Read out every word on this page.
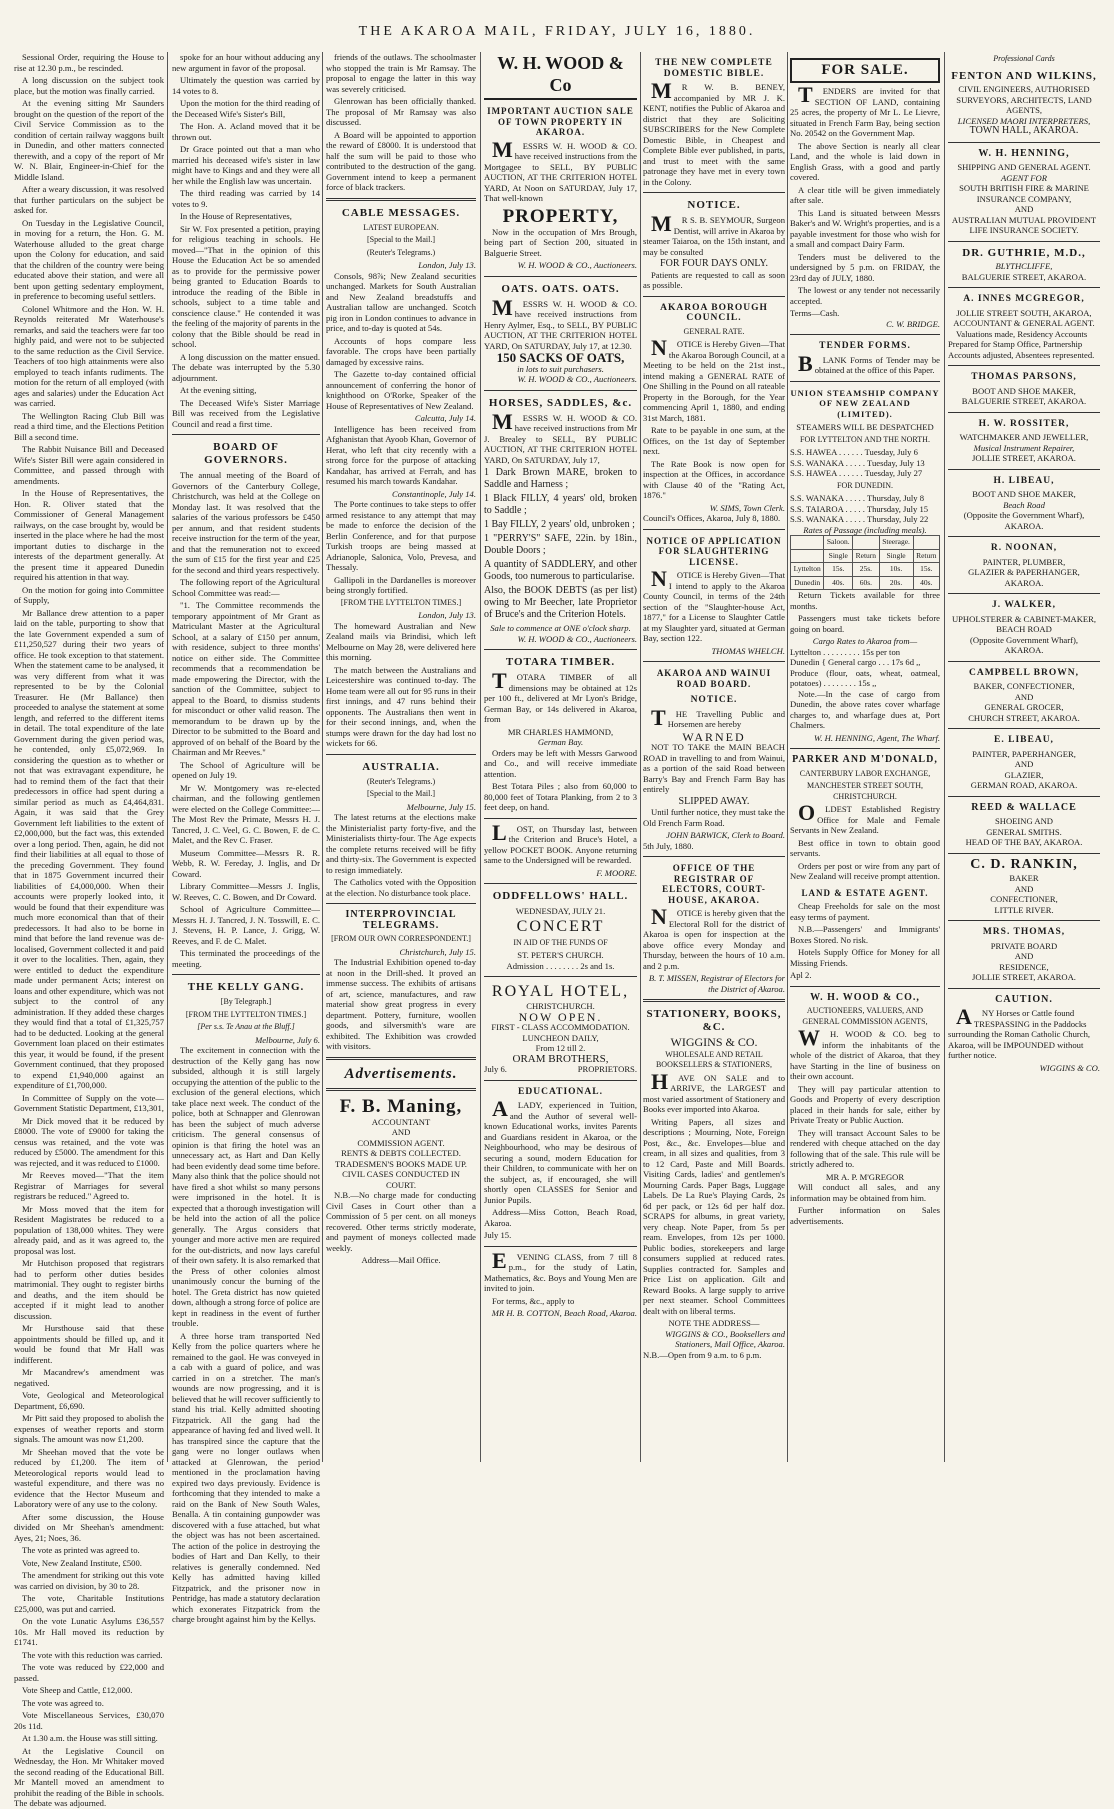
THE AKAROA MAIL, FRIDAY, JULY 16, 1880.

Sessional Order, requiring the House to rise at 12.30 p.m., be rescinded.

A long discussion on the subject took place, but the motion was finally carried.

At the evening sitting Mr Saunders brought on the question of the report of the Civil Service Commission as to the condition of certain railway waggons built in Dunedin, and other matters connected therewith, and a copy of the report of Mr W. N. Blair, Engineer-in-Chief for the Middle Island.

After a weary discussion, it was resolved that further particulars on the subject be asked for.

On Tuesday in the Legislative Council, in moving for a return, the Hon. G. M. Waterhouse alluded to the great charge upon the Colony for education, and said that the children of the country were being educated above their station, and were all bent upon getting sedentary employment, in preference to becoming useful settlers.

Colonel Whitmore and the Hon. W. H. Reynolds reiterated Mr Waterhouse's remarks, and said the teachers were far too highly paid, and were not to be subjected to the same reduction as the Civil Service. Teachers of too high attainments were also employed to teach infants rudiments. The motion for the return of all employed (with ages and salaries) under the Education Act was carried.

The Wellington Racing Club Bill was read a third time, and the Elections Petition Bill a second time.

The Rabbit Nuisance Bill and Deceased Wife's Sister Bill were again considered in Committee, and passed through with amendments.

In the House of Representatives, the Hon. R. Oliver stated that the Commissioner of General Management railways, on the case brought by, would be inserted in the place where he had the most important duties to discharge in the interests of the department generally. At the present time it appeared Dunedin required his attention in that way.

On the motion for going into Committee of Supply,

Mr Ballance drew attention to a paper laid on the table, purporting to show that the late Government expended a sum of £11,250,527 during their two years of office. He took exception to that statement. When the statement came to be analysed, it was very different from what it was represented to be by the Colonial Treasurer. He (Mr Ballance) then proceeded to analyse the statement at some length, and referred to the different items in detail. The total expenditure of the late Government during the given period was, he contended, only £5,072,969. In considering the question as to whether or not that was extravagant expenditure, he had to remind them of the fact that their predecessors in office had spent during a similar period as much as £4,464,831. Again, it was said that the Grey Government left liabilities to the extent of £2,000,000, but the fact was, this extended over a long period. Then, again, he did not find their liabilities at all equal to those of the preceding Government. They found that in 1875 Government incurred their liabilities of £4,000,000. When their accounts were properly looked into, it would be found that their expenditure was much more economical than that of their predecessors. It had also to be borne in mind that before the land revenue was de-localised, Government collected it and paid it over to the localities. Then, again, they were entitled to deduct the expenditure made under permanent Acts; interest on loans and other expenditure, which was not subject to the control of any administration. If they added these charges they would find that a total of £1,325,757 had to be deducted. Looking at the general Government loan placed on their estimates this year, it would be found, if the present Government continued, that they proposed to expend £1,940,000 against an expenditure of £1,700,000.

In Committee of Supply on the vote—Government Statistic Department, £13,301,

Mr Dick moved that it be reduced by £8000. The vote of £9000 for taking the census was retained, and the vote was reduced by £5000. The amendment for this was rejected, and it was reduced to £1000.

Mr Reeves moved—"That the item Registrar of Marriages for several registrars be reduced." Agreed to.

Mr Moss moved that the item for Resident Magistrates be reduced to a population of 138,000 whites. They were already paid, and as it was agreed to, the proposal was lost.

Mr Hutchison proposed that registrars had to perform other duties besides matrimonial. They ought to register births and deaths, and the item should be accepted if it might lead to another discussion.

Mr Hursthouse said that these appointments should be filled up, and it would be found that Mr Hall was indifferent.

Mr Macandrew's amendment was negatived.

Vote, Geological and Meteorological Department, £6,690.

Mr Pitt said they proposed to abolish the expenses of weather reports and storm signals. The amount was now £1,200.

Mr Sheehan moved that the vote be reduced by £1,200. The item of Meteorological reports would lead to wasteful expenditure, and there was no evidence that the Hector Museum and Laboratory were of any use to the colony.

After some discussion, the House divided on Mr Sheehan's amendment: Ayes, 21; Noes, 36.

The vote as printed was agreed to.

Vote, New Zealand Institute, £500.

The amendment for striking out this vote was carried on division, by 30 to 28.

The vote, Charitable Institutions £25,000, was put and carried.

On the vote Lunatic Asylums £36,557 10s. Mr Hall moved its reduction by £1741.

The vote with this reduction was carried.

The vote was reduced by £22,000 and passed.

Vote Sheep and Cattle, £12,000.

The vote was agreed to.

Vote Miscellaneous Services, £30,070 20s 11d.

At 1.30 a.m. the House was still sitting.

At the Legislative Council on Wednesday, the Hon. Mr Whitaker moved the second reading of the Educational Bill. Mr Mantell moved an amendment to prohibit the reading of the Bible in schools. The debate was adjourned.

spoke for an hour without adducing any new argument in favor of the proposal.

Ultimately the question was carried by 14 votes to 8.

Upon the motion for the third reading of the Deceased Wife's Sister's Bill,

The Hon. A. Acland moved that it be thrown out.

Dr Grace pointed out that a man who married his deceased wife's sister in law might have to Kings and and they were all her while the English law was uncertain.

The third reading was carried by 14 votes to 9.

In the House of Representatives,

Sir W. Fox presented a petition, praying for religious teaching in schools. He moved—"That in the opinion of this House the Education Act be so amended as to provide for the permissive power being granted to Education Boards to introduce the reading of the Bible in schools, subject to a time table and conscience clause." He contended it was the feeling of the majority of parents in the colony that the Bible should be read in school.

A long discussion on the matter ensued. The debate was interrupted by the 5.30 adjournment.

At the evening sitting,

The Deceased Wife's Sister Marriage Bill was received from the Legislative Council and read a first time.

BOARD OF GOVERNORS.

The annual meeting of the Board of Governors of the Canterbury College, Christchurch, was held at the College on Monday last. It was resolved that the salaries of the various professors be £450 per annum, and that resident students receive instruction for the term of the year, and that the remuneration not to exceed the sum of £15 for the first year and £25 for the second and third years respectively.

The following report of the Agricultural School Committee was read:—

"1. The Committee recommends the temporary appointment of Mr Grant as Matriculant Master at the Agricultural School, at a salary of £150 per annum, with residence, subject to three months' notice on either side. The Committee recommends that a recommendation be made empowering the Director, with the sanction of the Committee, subject to appeal to the Board, to dismiss students for misconduct or other valid reason. The memorandum to be drawn up by the Director to be submitted to the Board and approved of on behalf of the Board by the Chairman and Mr Reeves."

The School of Agriculture will be opened on July 19.

Mr W. Montgomery was re-elected chairman, and the following gentlemen were elected on the College Committee:—The Most Rev the Primate, Messrs H. J. Tancred, J. C. Veel, G. C. Bowen, F. de C. Malet, and the Rev C. Fraser.

Museum Committee—Messrs R. R. Webb, R. W. Fereday, J. Inglis, and Dr Coward.

Library Committee—Messrs J. Inglis, W. Reeves, C. C. Bowen, and Dr Coward.

School of Agriculture Committee—Messrs H. J. Tancred, J. N. Tosswill, E. C. J. Stevens, H. P. Lance, J. Grigg, W. Reeves, and F. de C. Malet.

This terminated the proceedings of the meeting.

THE KELLY GANG.
[By Telegraph.]
[FROM THE LYTTELTON TIMES.]
[Per s.s. Te Anau at the Bluff.]
Melbourne, July 6.

The excitement in connection with the destruction of the Kelly gang has now subsided, although it is still largely occupying the attention of the public to the exclusion of the general elections, which take place next week. The conduct of the police, both at Schnapper and Glenrowan has been the subject of much adverse criticism. The general consensus of opinion is that firing the hotel was an unnecessary act, as Hart and Dan Kelly had been evidently dead some time before. Many also think that the police should not have fired a shot whilst so many persons were imprisoned in the hotel. It is expected that a thorough investigation will be held into the action of all the police generally. The Argus considers that younger and more active men are required for the out-districts, and now lays careful of their own safety. It is also remarked that the Press of other colonies almost unanimously concur the burning of the hotel. The Greta district has now quieted down, although a strong force of police are kept in readiness in the event of further trouble.

A three horse tram transported Ned Kelly from the police quarters where he remained to the gaol. He was conveyed in a cab with a guard of police, and was carried in on a stretcher. The man's wounds are now progressing, and it is believed that he will recover sufficiently to stand his trial. Kelly admitted shooting Fitzpatrick. All the gang had the appearance of having fed and lived well. It has transpired since the capture that the gang were no longer outlaws when attacked at Glenrowan, the period mentioned in the proclamation having expired two days previously. Evidence is forthcoming that they intended to make a raid on the Bank of New South Wales, Benalla. A tin containing gunpowder was discovered with a fuse attached, but what the object was has not been ascertained. The action of the police in destroying the bodies of Hart and Dan Kelly, to their relatives is generally condemned. Ned Kelly has admitted having killed Fitzpatrick, and the prisoner now in Pentridge, has made a statutory declaration which exonerates Fitzpatrick from the charge brought against him by the Kellys.

friends of the outlaws. The schoolmaster who stopped the train is Mr Ramsay. The proposal to engage the latter in this way was severely criticised.

Glenrowan has been officially thanked. The proposal of Mr Ramsay was also discussed.

A Board will be appointed to apportion the reward of £8000. It is understood that half the sum will be paid to those who contributed to the destruction of the gang. Government intend to keep a permanent force of black trackers.

CABLE MESSAGES.
LATEST EUROPEAN.
[Special to the Mail.]
(Reuter's Telegrams.)
London, July 13.

Consols, 98⅞; New Zealand securities unchanged. Markets for South Australian and New Zealand breadstuffs and Australian tallow are unchanged. Scotch pig iron in London continues to advance in price, and to-day is quoted at 54s.

Accounts of hops compare less favorable. The crops have been partially damaged by excessive rains.

The Gazette to-day contained official announcement of conferring the honor of knighthood on O'Rorke, Speaker of the House of Representatives of New Zealand.

Calcutta, July 14.

Intelligence has been received from Afghanistan that Ayoob Khan, Governor of Herat, who left that city recently with a strong force for the purpose of attacking Kandahar, has arrived at Ferrah, and has resumed his march towards Kandahar.

Constantinople, July 14.

The Porte continues to take steps to offer armed resistance to any attempt that may be made to enforce the decision of the Berlin Conference, and for that purpose Turkish troops are being massed at Adrianople, Salonica, Volo, Prevesa, and Thessaly.

Gallipoli in the Dardanelles is moreover being strongly fortified.

[FROM THE LYTTELTON TIMES.]
London, July 13.

The homeward Australian and New Zealand mails via Brindisi, which left Melbourne on May 28, were delivered here this morning.

The match between the Australians and Leicestershire was continued to-day. The Home team were all out for 95 runs in their first innings, and 47 runs behind their opponents. The Australians then went in for their second innings, and, when the stumps were drawn for the day had lost no wickets for 66.

AUSTRALIA.
(Reuter's Telegrams.)
[Special to the Mail.]
Melbourne, July 15.

The latest returns at the elections make the Ministerialist party forty-five, and the Ministerialists thirty-four. The Age expects the complete returns received will be fifty and thirty-six. The Government is expected to resign immediately.

The Catholics voted with the Opposition at the election. No disturbance took place.

INTERPROVINCIAL TELEGRAMS.
[FROM OUR OWN CORRESPONDENT.]
Christchurch, July 15.

The Industrial Exhibition opened to-day at noon in the Drill-shed. It proved an immense success. The exhibits of artisans of art, science, manufactures, and raw material show great progress in every department. Pottery, furniture, woollen goods, and silversmith's ware are exhibited. The Exhibition was crowded with visitors.

Advertisements.
F. B. Maning,
ACCOUNTANT
AND
COMMISSION AGENT.
RENTS & DEBTS COLLECTED.
TRADESMEN'S BOOKS MADE UP.
CIVIL CASES CONDUCTED IN COURT.

N.B.—No charge made for conducting Civil Cases in Court other than a Commission of 5 per cent. on all moneys recovered. Other terms strictly moderate, and payment of moneys collected made weekly.

Address—Mail Office.
W. H. WOOD & Co
IMPORTANT AUCTION SALE OF TOWN PROPERTY IN AKAROA.

MESSRS W. H. WOOD & CO. have received instructions from the Mortgagee to SELL, BY PUBLIC AUCTION, AT THE CRITERION HOTEL YARD, At Noon on SATURDAY, July 17, That well-known

PROPERTY,

Now in the occupation of Mrs Brough, being part of Section 200, situated in Balguerie Street.

W. H. WOOD & CO., Auctioneers.
OATS. OATS. OATS.

MESSRS W. H. WOOD & CO. have received instructions from Henry Aylmer, Esq., to SELL, BY PUBLIC AUCTION, AT THE CRITERION HOTEL YARD, On SATURDAY, July 17, at 12.30.

150 SACKS OF OATS,
in lots to suit purchasers.
W. H. WOOD & CO., Auctioneers.
HORSES, SADDLES, &c.

MESSRS W. H. WOOD & CO. have received instructions from Mr J. Brealey to SELL, BY PUBLIC AUCTION, AT THE CRITERION HOTEL YARD, On SATURDAY, July 17,

1 Dark Brown MARE, broken to Saddle and Harness ;

1 Black FILLY, 4 years' old, broken to Saddle ;

1 Bay FILLY, 2 years' old, unbroken ;

1 "PERRY'S" SAFE, 22in. by 18in., Double Doors ;

A quantity of SADDLERY, and other Goods, too numerous to particularise.

Also, the BOOK DEBTS (as per list) owing to Mr Beecher, late Proprietor of Bruce's and the Criterion Hotels.

Sale to commence at ONE o'clock sharp.
W. H. WOOD & CO., Auctioneers.
TOTARA TIMBER.

TOTARA TIMBER of all dimensions may be obtained at 12s per 100 ft., delivered at Mr Lyon's Bridge, German Bay, or 14s delivered in Akaroa, from

MR CHARLES HAMMOND,
German Bay.

Orders may be left with Messrs Garwood and Co., and will receive immediate attention.

Best Totara Piles ; also from 60,000 to 80,000 feet of Totara Planking, from 2 to 3 feet deep, on hand.

LOST, on Thursday last, between the Criterion and Bruce's Hotel, a yellow POCKET BOOK. Anyone returning same to the Undersigned will be rewarded.

F. MOORE.
ODDFELLOWS' HALL.
WEDNESDAY, JULY 21.
CONCERT
IN AID OF THE FUNDS OF
ST. PETER'S CHURCH.
Admission . . . . . . . . 2s and 1s.
ROYAL HOTEL,
CHRISTCHURCH.
NOW OPEN.
FIRST - CLASS ACCOMMODATION.
LUNCHEON DAILY,
From 12 till 2.
ORAM BROTHERS,
July 6.	PROPRIETORS.
EDUCATIONAL.

ALADY, experienced in Tuition, and the Author of several well-known Educational works, invites Parents and Guardians resident in Akaroa, or the Neighbourhood, who may be desirous of securing a sound, modern Education for their Children, to communicate with her on the subject, as, if encouraged, she will shortly open CLASSES for Senior and Junior Pupils.

Address—Miss Cotton, Beach Road, Akaroa.

July 15.

EVENING CLASS, from 7 till 8 p.m., for the study of Latin, Mathematics, &c. Boys and Young Men are invited to join.

For terms, &c., apply to

MR H. B. COTTON, Beach Road, Akaroa.
THE NEW COMPLETE DOMESTIC BIBLE.

MR W. B. BENEY, accompanied by MR J. K. KENT, notifies the Public of Akaroa and district that they are Soliciting SUBSCRIBERS for the New Complete Domestic Bible, in Cheapest and Complete Bible ever published, in parts, and trust to meet with the same patronage they have met in every town in the Colony.

NOTICE.

MR S. B. SEYMOUR, Surgeon Dentist, will arrive in Akaroa by steamer Taiaroa, on the 15th instant, and may be consulted

FOR FOUR DAYS ONLY.

Patients are requested to call as soon as possible.

AKAROA BOROUGH COUNCIL.
GENERAL RATE.

NOTICE is Hereby Given—That the Akaroa Borough Council, at a Meeting to be held on the 21st inst., intend making a GENERAL RATE of One Shilling in the Pound on all rateable Property in the Borough, for the Year commencing April 1, 1880, and ending 31st March, 1881.

Rate to be payable in one sum, at the Offices, on the 1st day of September next.

The Rate Book is now open for inspection at the Offices, in accordance with Clause 40 of the "Rating Act, 1876."

W. SIMS, Town Clerk.
Council's Offices, Akaroa, July 8, 1880.
NOTICE OF APPLICATION FOR SLAUGHTERING LICENSE.

NOTICE is Hereby Given—That I intend to apply to the Akaroa County Council, in terms of the 24th section of the "Slaughter-house Act, 1877," for a License to Slaughter Cattle at my Slaughter yard, situated at German Bay, section 122.

THOMAS WHELCH.
AKAROA AND WAINUI ROAD BOARD.
NOTICE.

THE Travelling Public and Horsemen are hereby

WARNED

NOT TO TAKE the MAIN BEACH ROAD in travelling to and from Wainui, as a portion of the said Road between Barry's Bay and French Farm Bay has entirely

SLIPPED AWAY.

Until further notice, they must take the Old French Farm Road.

JOHN BARWICK, Clerk to Board.
5th July, 1880.
OFFICE OF THE REGISTRAR OF ELECTORS, COURT-HOUSE, AKAROA.

NOTICE is hereby given that the Electoral Roll for the district of Akaroa is open for inspection at the above office every Monday and Thursday, between the hours of 10 a.m. and 2 p.m.

B. T. MISSEN, Registrar of Electors for the District of Akaroa.
STATIONERY, BOOKS, &C.
WIGGINS & CO.
WHOLESALE AND RETAIL BOOKSELLERS & STATIONERS,

HAVE ON SALE and to ARRIVE, the LARGEST and most varied assortment of Stationery and Books ever imported into Akaroa.

Writing Papers, all sizes and descriptions ; Mourning, Note, Foreign Post, &c., &c. Envelopes—blue and cream, in all sizes and qualities, from 3 to 12 Card, Paste and Mill Boards. Visiting Cards, ladies' and gentlemen's Mourning Cards. Paper Bags, Luggage Labels. De La Rue's Playing Cards, 2s 6d per pack, or 12s 6d per half doz. SCRAPS for albums, in great variety, very cheap. Note Paper, from 5s per ream. Envelopes, from 12s per 1000. Public bodies, storekeepers and large consumers supplied at reduced rates. Supplies contracted for. Samples and Price List on application. Gilt and Reward Books. A large supply to arrive per next steamer. School Committees dealt with on liberal terms.

NOTE THE ADDRESS—
WIGGINS & CO., Booksellers and Stationers, Mail Office, Akaroa.
N.B.—Open from 9 a.m. to 6 p.m.
FOR SALE.

TENDERS are invited for that SECTION OF LAND, containing 25 acres, the property of Mr L. Le Lievre, situated in French Farm Bay, being section No. 20542 on the Government Map.

The above Section is nearly all clear Land, and the whole is laid down in English Grass, with a good and partly covered.

A clear title will be given immediately after sale.

This Land is situated between Messrs Baker's and W. Wright's properties, and is a payable investment for those who wish for a small and compact Dairy Farm.

Tenders must be delivered to the undersigned by 5 p.m. on FRIDAY, the 23rd day of JULY, 1880.

The lowest or any tender not necessarily accepted.

Terms—Cash.
C. W. BRIDGE.
TENDER FORMS.

BLANK Forms of Tender may be obtained at the office of this Paper.

UNION STEAMSHIP COMPANY OF NEW ZEALAND (LIMITED).
STEAMERS WILL BE DESPATCHED
FOR LYTTELTON AND THE NORTH.
S.S. HAWEA . . . . . . Tuesday, July 6
S.S. WANAKA . . . . . Tuesday, July 13
S.S. HAWEA . . . . . . Tuesday, July 27
FOR DUNEDIN.
S.S. WANAKA . . . . . Thursday, July 8
S.S. TAIAROA . . . . . Thursday, July 15
S.S. WANAKA . . . . . Thursday, July 22
Rates of Passage (including meals).
	Saloon.		Steerage.	
	Single	Return	Single	Return
Lyttelton	15s.	25s.	10s.	15s.
Dunedin	40s.	60s.	20s.	40s.

Return Tickets available for three months.

Passengers must take tickets before going on board.

Cargo Rates to Akaroa from—
Lyttelton . . . . . . . . . 15s per ton
Dunedin { General cargo . . . 17s 6d ,,
Produce (flour, oats, wheat, oatmeal, potatoes) . . . . . . . . 15s ,,

Note.—In the case of cargo from Dunedin, the above rates cover wharfage charges to, and wharfage dues at, Port Chalmers.

W. H. HENNING, Agent, The Wharf.
PARKER AND M'DONALD,
CANTERBURY LABOR EXCHANGE,
MANCHESTER STREET SOUTH, CHRISTCHURCH.

OLDEST Established Registry Office for Male and Female Servants in New Zealand.

Best office in town to obtain good servants.

Orders per post or wire from any part of New Zealand will receive prompt attention.

LAND & ESTATE AGENT.

Cheap Freeholds for sale on the most easy terms of payment.

N.B.—Passengers' and Immigrants' Boxes Stored. No risk.

Hotels Supply Office for Money for all Missing Friends.

Apl 2.
W. H. WOOD & CO.,
AUCTIONEERS, VALUERS, AND GENERAL COMMISSION AGENTS,

WH. WOOD & CO. beg to inform the inhabitants of the whole of the district of Akaroa, that they have Starting in the line of business on their own account.

They will pay particular attention to Goods and Property of every description placed in their hands for sale, either by Private Treaty or Public Auction.

They will transact Account Sales to be rendered with cheque attached on the day following that of the sale. This rule will be strictly adhered to.

MR A. P. M'GREGOR

Will conduct all sales, and any information may be obtained from him.

Further information on Sales advertisements.

Professional Cards
FENTON AND WILKINS,
CIVIL ENGINEERS, AUTHORISED SURVEYORS, ARCHITECTS, LAND AGENTS,
LICENSED MAORI INTERPRETERS,
TOWN HALL, AKAROA.
W. H. HENNING,
SHIPPING AND GENERAL AGENT.
AGENT FOR
SOUTH BRITISH FIRE & MARINE INSURANCE COMPANY,
AND
AUSTRALIAN MUTUAL PROVIDENT LIFE INSURANCE SOCIETY.
DR. GUTHRIE, M.D.,
BLYTHCLIFFE,
BALGUERIE STREET, AKAROA.
A. INNES MCGREGOR,
JOLLIE STREET SOUTH, AKAROA,
ACCOUNTANT & GENERAL AGENT.

Valuations made, Residency Accounts Prepared for Stamp Office, Partnership Accounts adjusted, Absentees represented.

THOMAS PARSONS,
BOOT AND SHOE MAKER,
BALGUERIE STREET, AKAROA.
H. W. ROSSITER,
WATCHMAKER AND JEWELLER,
Musical Instrument Repairer,
JOLLIE STREET, AKAROA.
H. LIBEAU,
BOOT AND SHOE MAKER,
Beach Road
(Opposite the Government Wharf),
AKAROA.
R. NOONAN,
PAINTER, PLUMBER,
GLAZIER & PAPERHANGER,
AKAROA.
J. WALKER,
UPHOLSTERER & CABINET-MAKER,
BEACH ROAD
(Opposite Government Wharf),
AKAROA.
CAMPBELL BROWN,
BAKER, CONFECTIONER,
AND
GENERAL GROCER,
CHURCH STREET, AKAROA.
E. LIBEAU,
PAINTER, PAPERHANGER,
AND
GLAZIER,
GERMAN ROAD, AKAROA.
REED & WALLACE
SHOEING AND
GENERAL SMITHS.
HEAD OF THE BAY, AKAROA.
C. D. RANKIN,
BAKER
AND
CONFECTIONER,
LITTLE RIVER.
MRS. THOMAS,
PRIVATE BOARD
AND
RESIDENCE,
JOLLIE STREET, AKAROA.
CAUTION.

ANY Horses or Cattle found TRESPASSING in the Paddocks surrounding the Roman Catholic Church, Akaroa, will be IMPOUNDED without further notice.

WIGGINS & CO.
